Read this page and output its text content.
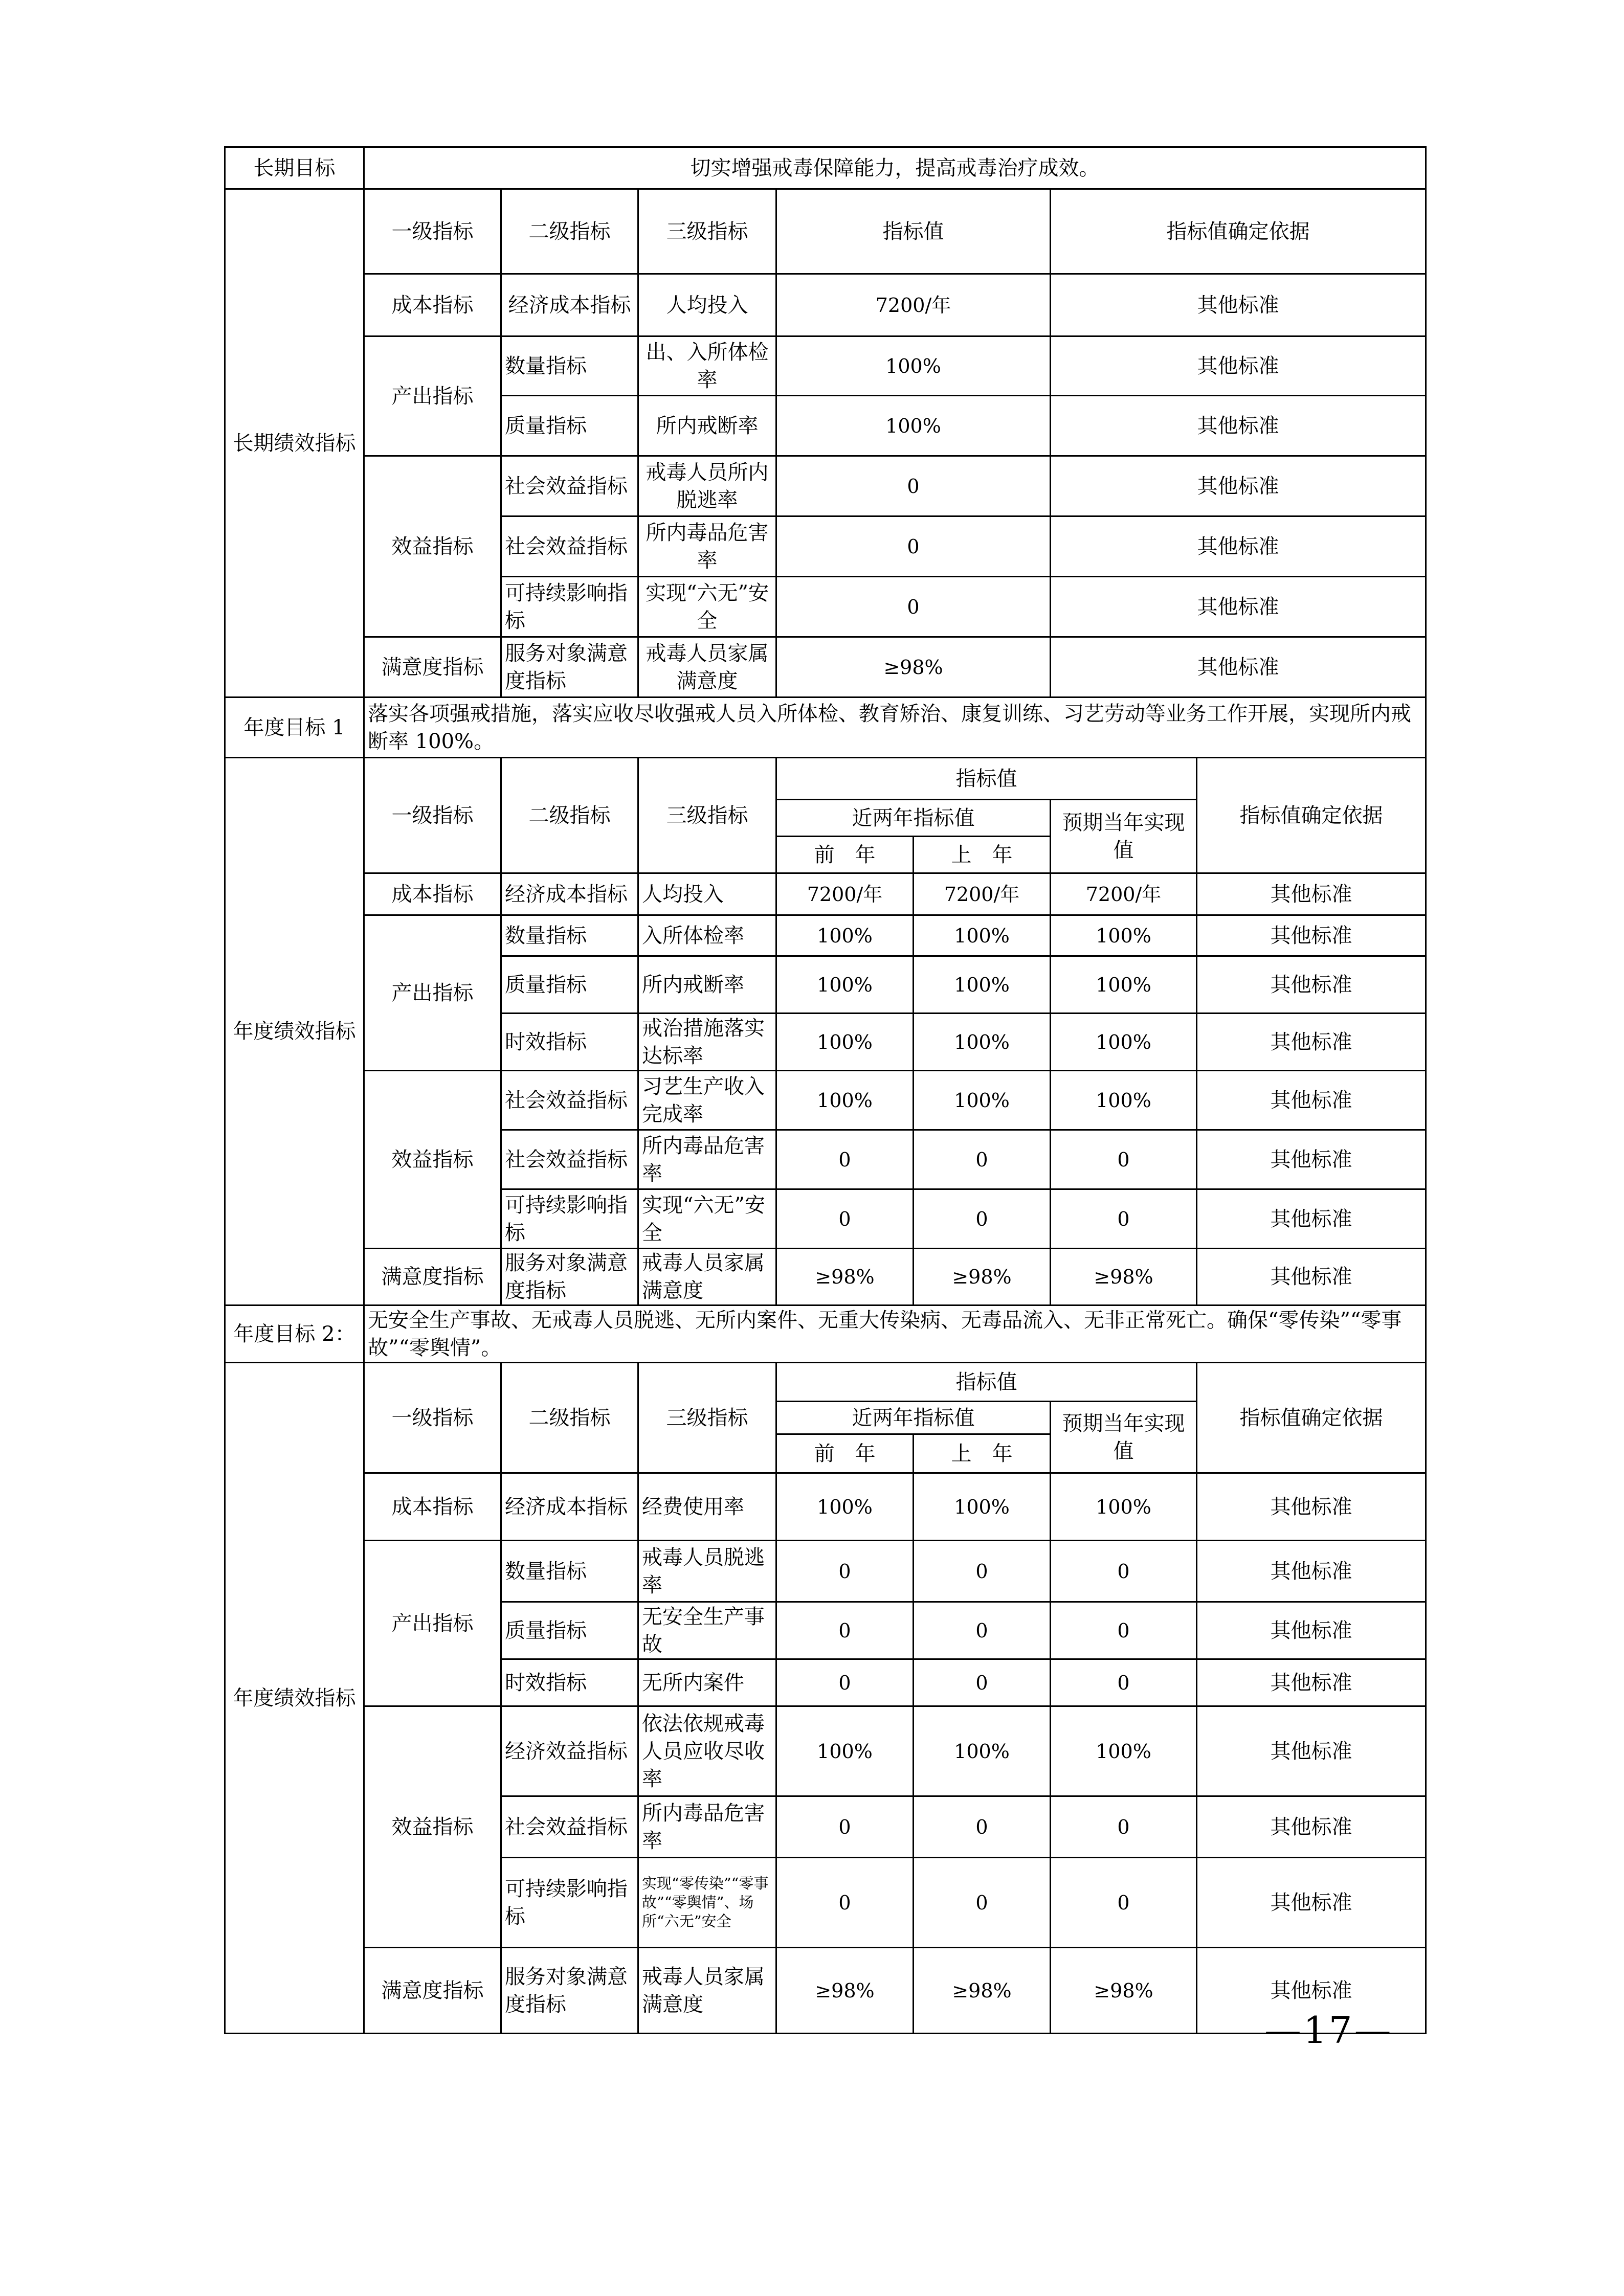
长期目标	切实增强戒毒保障能力，提高戒毒治疗成效。						
长期绩效指标	一级指标	二级指标	三级指标	指标值		指标值确定依据	
	成本指标	经济成本指标	人均投入	7200/年		其他标准	
	产出指标	数量指标	出、入所体检率	100%		其他标准	
		质量指标	所内戒断率	100%		其他标准	
	效益指标	社会效益指标	戒毒人员所内脱逃率	0		其他标准	
		社会效益指标	所内毒品危害率	0		其他标准	
		可持续影响指标	实现“六无”安全	0		其他标准	
	满意度指标	服务对象满意度指标	戒毒人员家属满意度	≥98%		其他标准	
年度目标 1	落实各项强戒措施，落实应收尽收强戒人员入所体检、教育矫治、康复训练、习艺劳动等业务工作开展，实现所内戒断率 100%。						
年度绩效指标	一级指标	二级指标	三级指标	指标值			指标值确定依据
				近两年指标值		预期当年实现值	
				前　年	上　年		
	成本指标	经济成本指标	人均投入	7200/年	7200/年	7200/年	其他标准
	产出指标	数量指标	入所体检率	100%	100%	100%	其他标准
		质量指标	所内戒断率	100%	100%	100%	其他标准
		时效指标	戒治措施落实达标率	100%	100%	100%	其他标准
	效益指标	社会效益指标	习艺生产收入完成率	100%	100%	100%	其他标准
		社会效益指标	所内毒品危害率	0	0	0	其他标准
		可持续影响指标	实现“六无”安全	0	0	0	其他标准
	满意度指标	服务对象满意度指标	戒毒人员家属满意度	≥98%	≥98%	≥98%	其他标准
年度目标 2：	无安全生产事故、无戒毒人员脱逃、无所内案件、无重大传染病、无毒品流入、无非正常死亡。确保“零传染”“零事故”“零舆情”。						
年度绩效指标	一级指标	二级指标	三级指标	指标值			指标值确定依据
				近两年指标值		预期当年实现值	
				前　年	上　年		
	成本指标	经济成本指标	经费使用率	100%	100%	100%	其他标准
	产出指标	数量指标	戒毒人员脱逃率	0	0	0	其他标准
		质量指标	无安全生产事故	0	0	0	其他标准
		时效指标	无所内案件	0	0	0	其他标准
	效益指标	经济效益指标	依法依规戒毒人员应收尽收率	100%	100%	100%	其他标准
		社会效益指标	所内毒品危害率	0	0	0	其他标准
		可持续影响指标	实现“零传染”“零事故”“零舆情”、场所“六无”安全	0	0	0	其他标准
	满意度指标	服务对象满意度指标	戒毒人员家属满意度	≥98%	≥98%	≥98%	其他标准
—17—
